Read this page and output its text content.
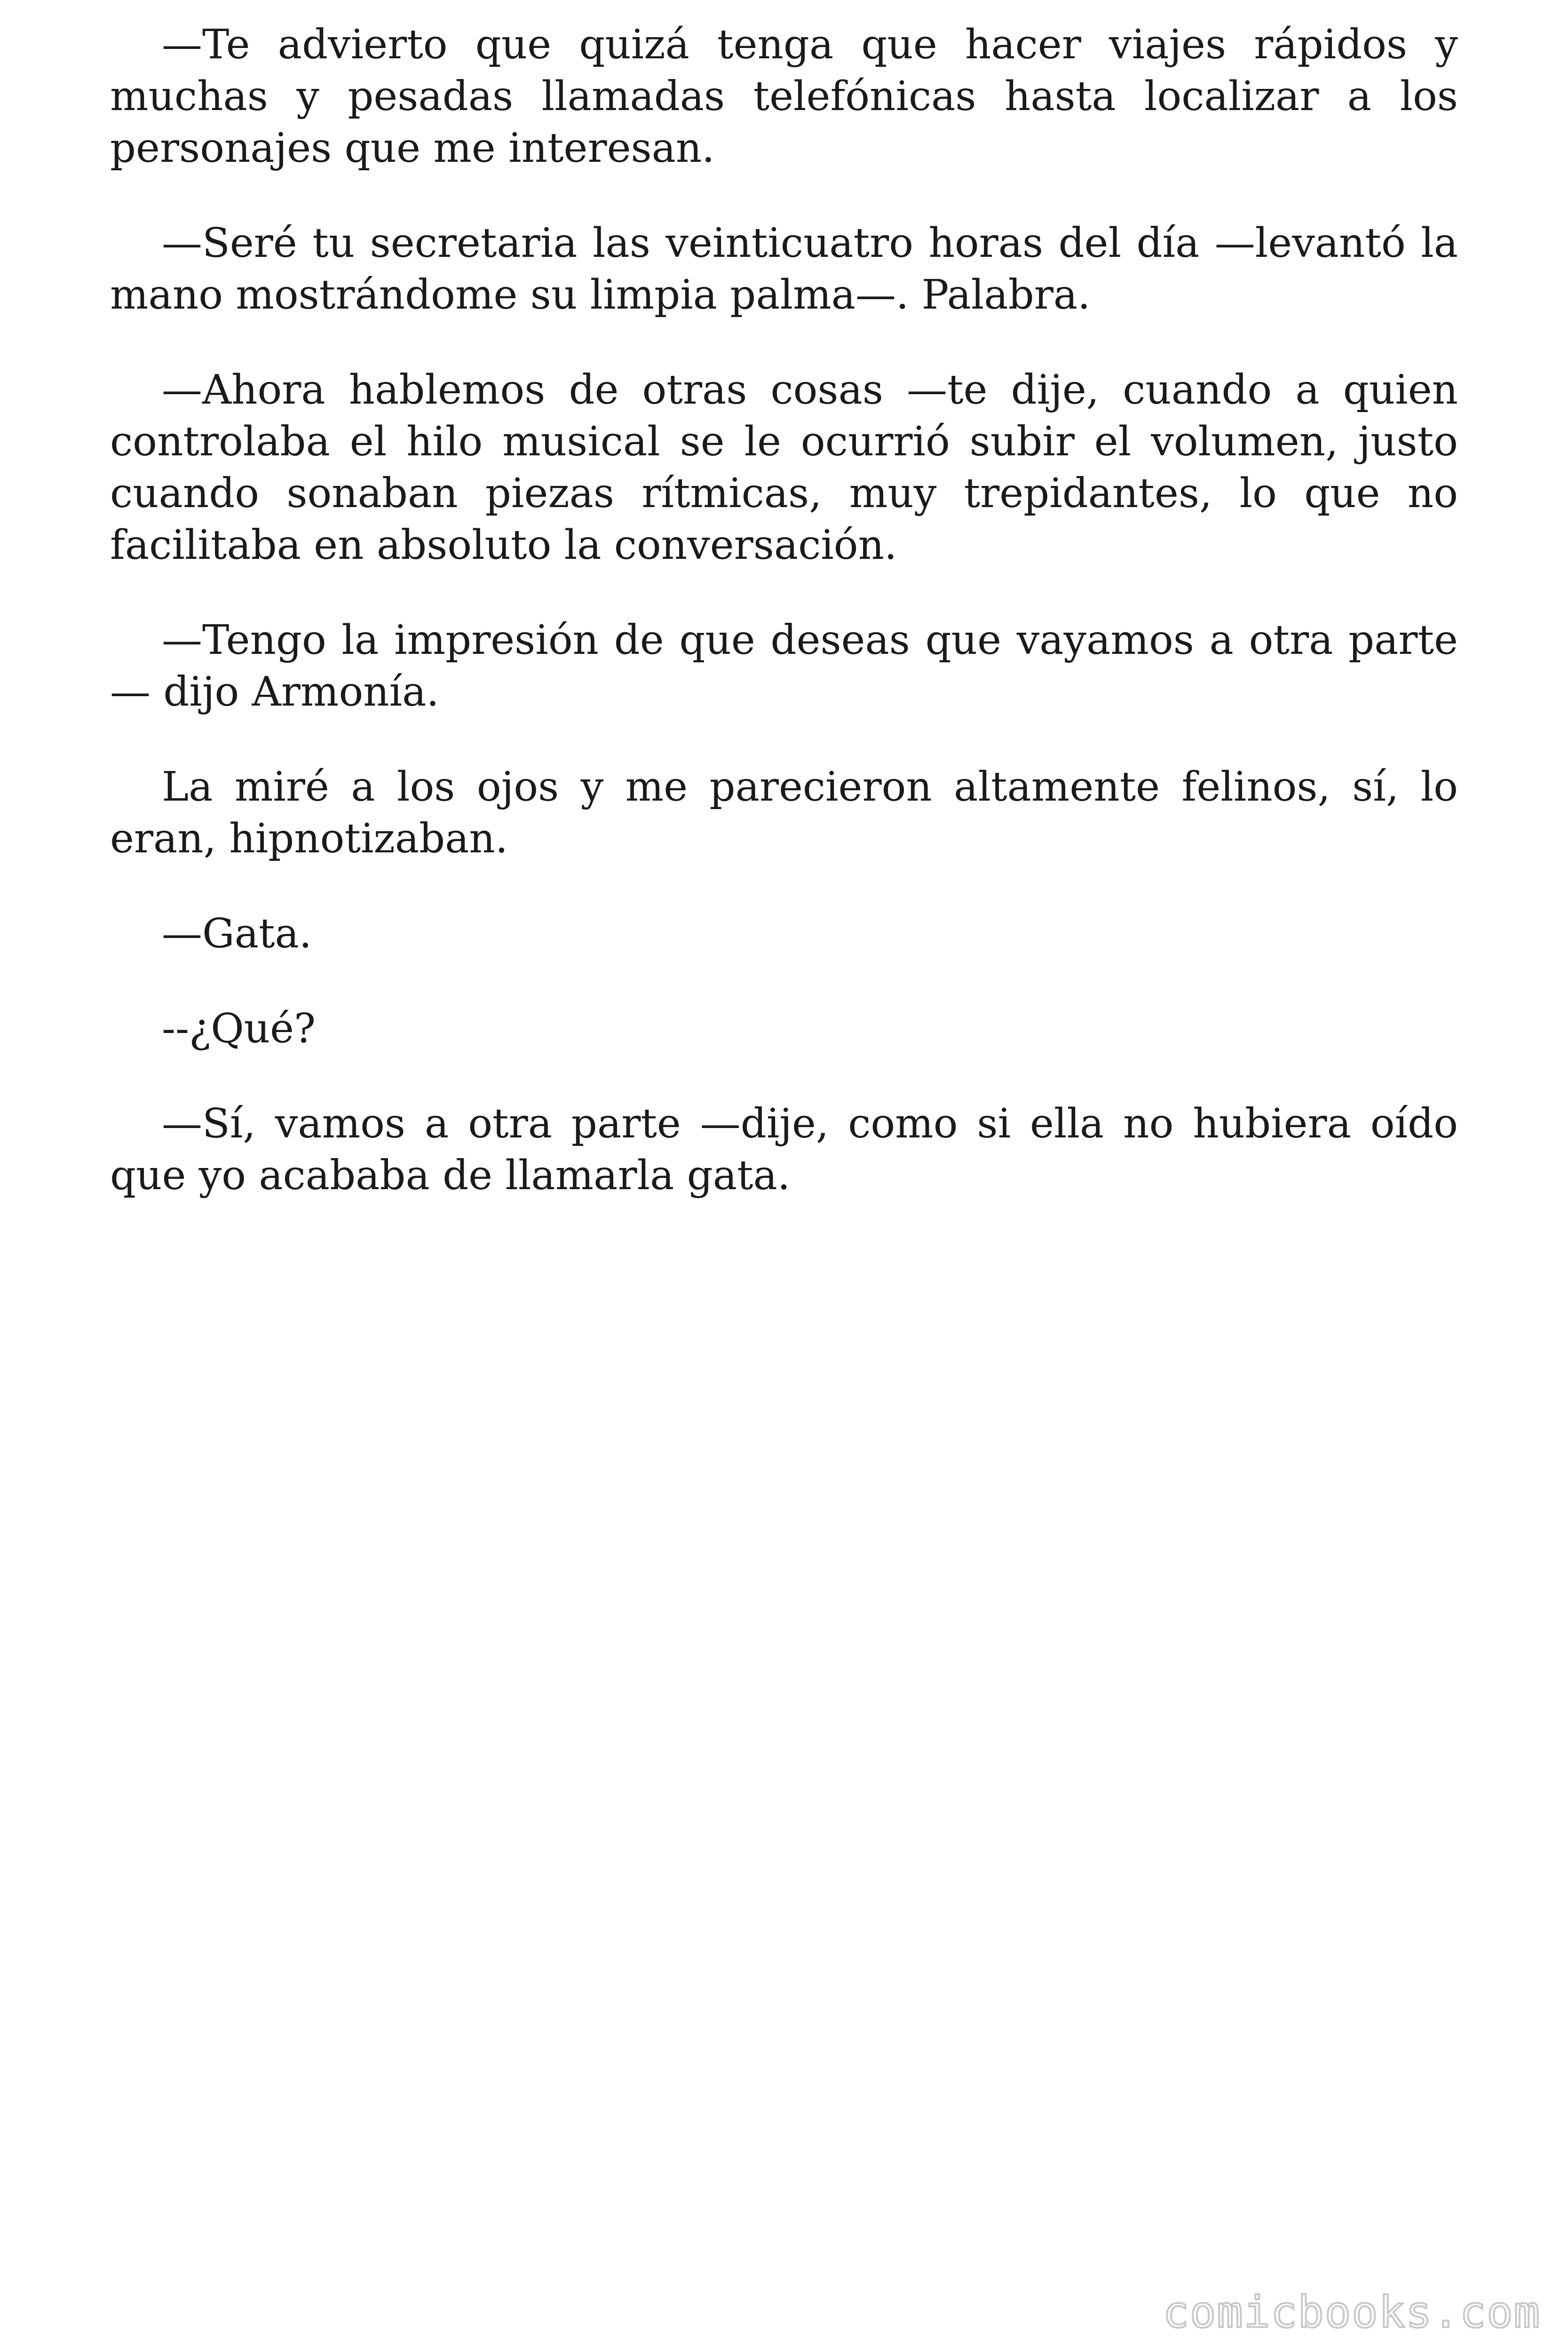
—Te advierto que quizá tenga que hacer viajes rápidos y muchas y pesadas llamadas telefónicas hasta localizar a los personajes que me interesan.

—Seré tu secretaria las veinticuatro horas del día —levantó la mano mostrándome su limpia palma—. Palabra.

—Ahora hablemos de otras cosas —te dije, cuando a quien controlaba el hilo musical se le ocurrió subir el volumen, justo cuando sonaban piezas rítmicas, muy trepidantes, lo que no facilitaba en absoluto la conversación.

—Tengo la impresión de que deseas que vayamos a otra parte — dijo Armonía.

La miré a los ojos y me parecieron altamente felinos, sí, lo eran, hipnotizaban.

—Gata.

--¿Qué?

—Sí, vamos a otra parte —dije, como si ella no hubiera oído que yo acababa de llamarla gata.

comicbooks.com
